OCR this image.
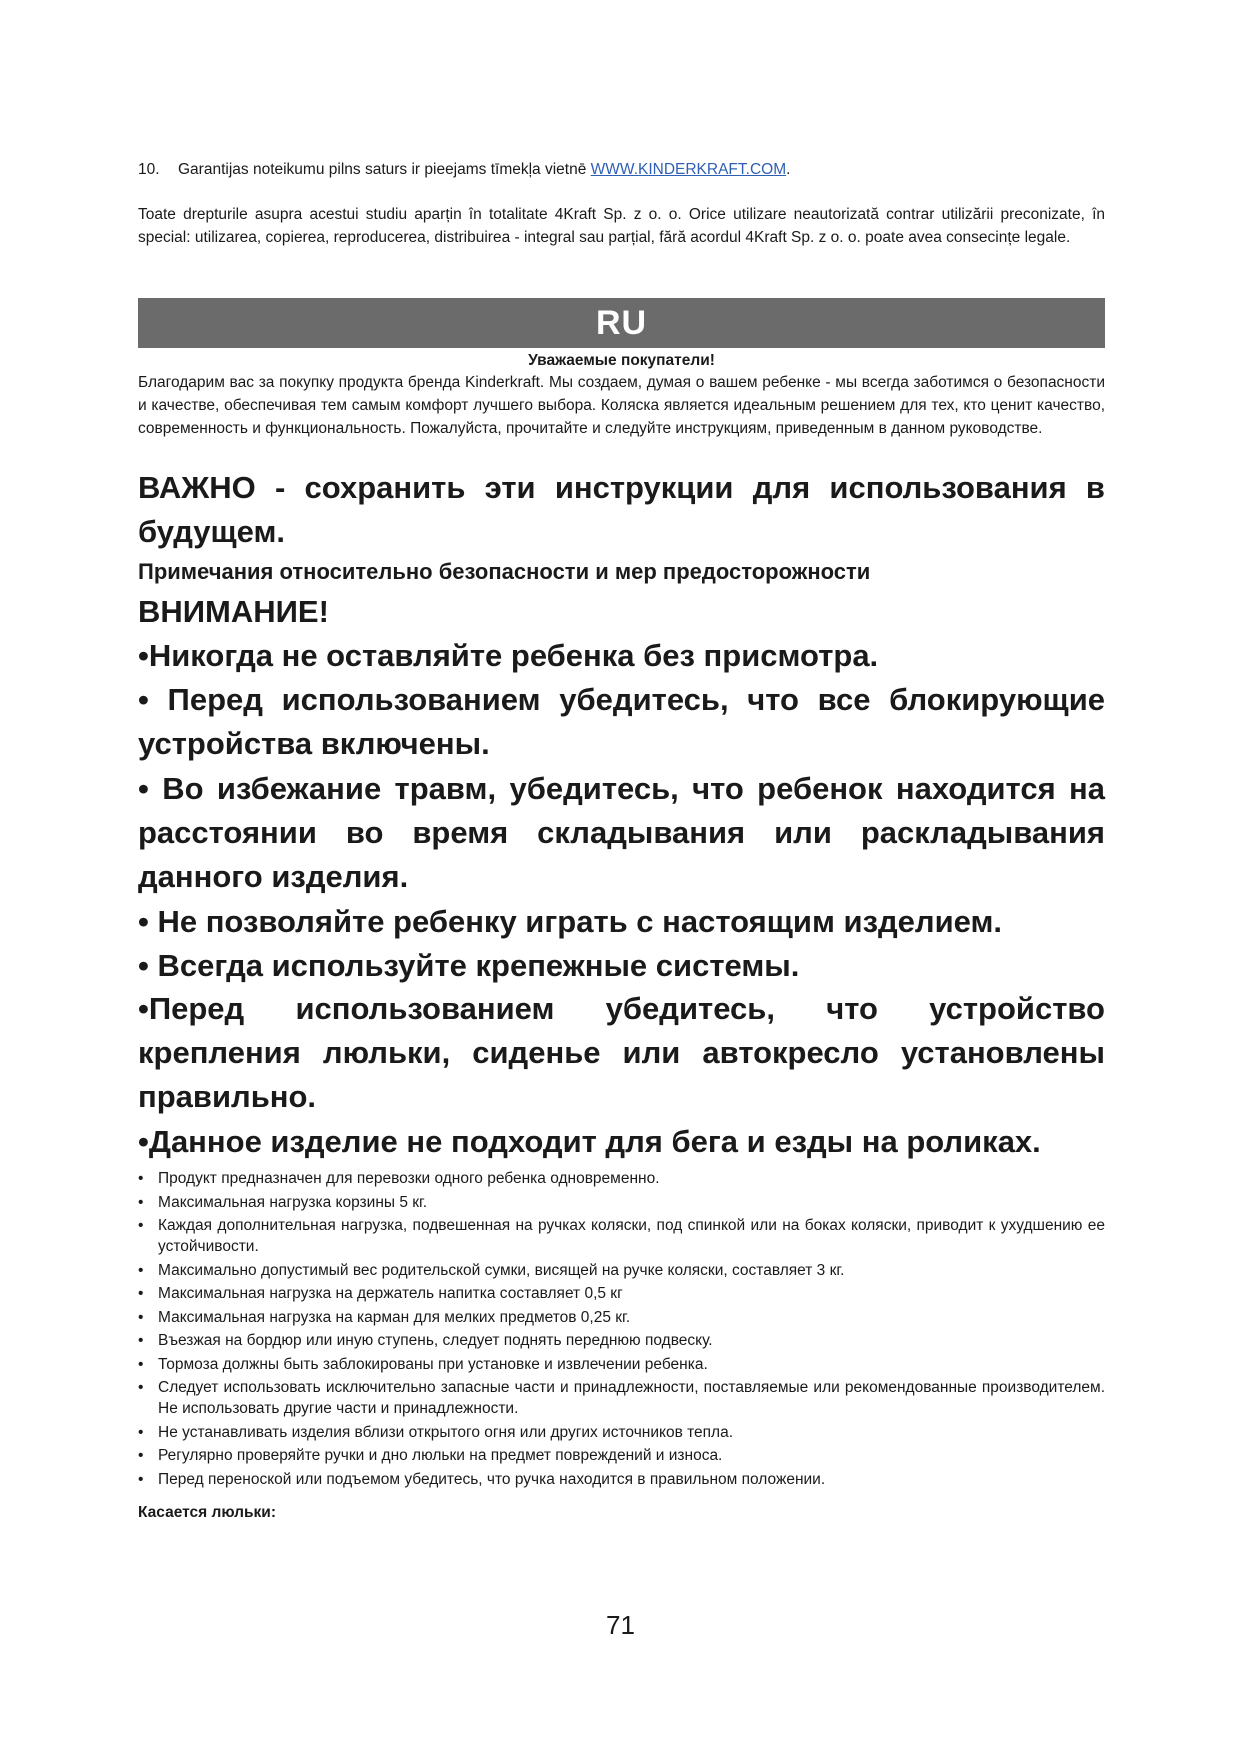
10. Garantijas noteikumu pilns saturs ir pieejams tīmekļa vietnē WWW.KINDERKRAFT.COM.
Toate drepturile asupra acestui studiu aparțin în totalitate 4Kraft Sp. z o. o. Orice utilizare neautorizată contrar utilizării preconizate, în special: utilizarea, copierea, reproducerea, distribuirea - integral sau parțial, fără acordul 4Kraft Sp. z o. o. poate avea consecințe legale.
RU
Уважаемые покупатели!
Благодарим вас за покупку продукта бренда Kinderkraft. Мы создаем, думая о вашем ребенке - мы всегда заботимся о безопасности и качестве, обеспечивая тем самым комфорт лучшего выбора. Коляска является идеальным решением для тех, кто ценит качество, современность и функциональность. Пожалуйста, прочитайте и следуйте инструкциям, приведенным в данном руководстве.
ВАЖНО - сохранить эти инструкции для использования в будущем.
Примечания относительно безопасности и мер предосторожности
ВНИМАНИЕ!
•Никогда не оставляйте ребенка без присмотра.
• Перед использованием убедитесь, что все блокирующие устройства включены.
• Во избежание травм, убедитесь, что ребенок находится на расстоянии во время складывания или раскладывания данного изделия.
• Не позволяйте ребенку играть с настоящим изделием.
• Всегда используйте крепежные системы.
•Перед использованием убедитесь, что устройство крепления люльки, сиденье или автокресло установлены правильно.
•Данное изделие не подходит для бега и езды на роликах.
• Продукт предназначен для перевозки одного ребенка одновременно.
• Максимальная нагрузка корзины 5 кг.
• Каждая дополнительная нагрузка, подвешенная на ручках коляски, под спинкой или на боках коляски, приводит к ухудшению ее устойчивости.
• Максимально допустимый вес родительской сумки, висящей на ручке коляски, составляет 3 кг.
• Максимальная нагрузка на держатель напитка составляет 0,5 кг
• Максимальная нагрузка на карман для мелких предметов 0,25 кг.
• Въезжая на бордюр или иную ступень, следует поднять переднюю подвеску.
• Тормоза должны быть заблокированы при установке и извлечении ребенка.
• Следует использовать исключительно запасные части и принадлежности, поставляемые или рекомендованные производителем. Не использовать другие части и принадлежности.
• Не устанавливать изделия вблизи открытого огня или других источников тепла.
• Регулярно проверяйте ручки и дно люльки на предмет повреждений и износа.
• Перед переноской или подъемом убедитесь, что ручка находится в правильном положении.
Касается люльки:
71
